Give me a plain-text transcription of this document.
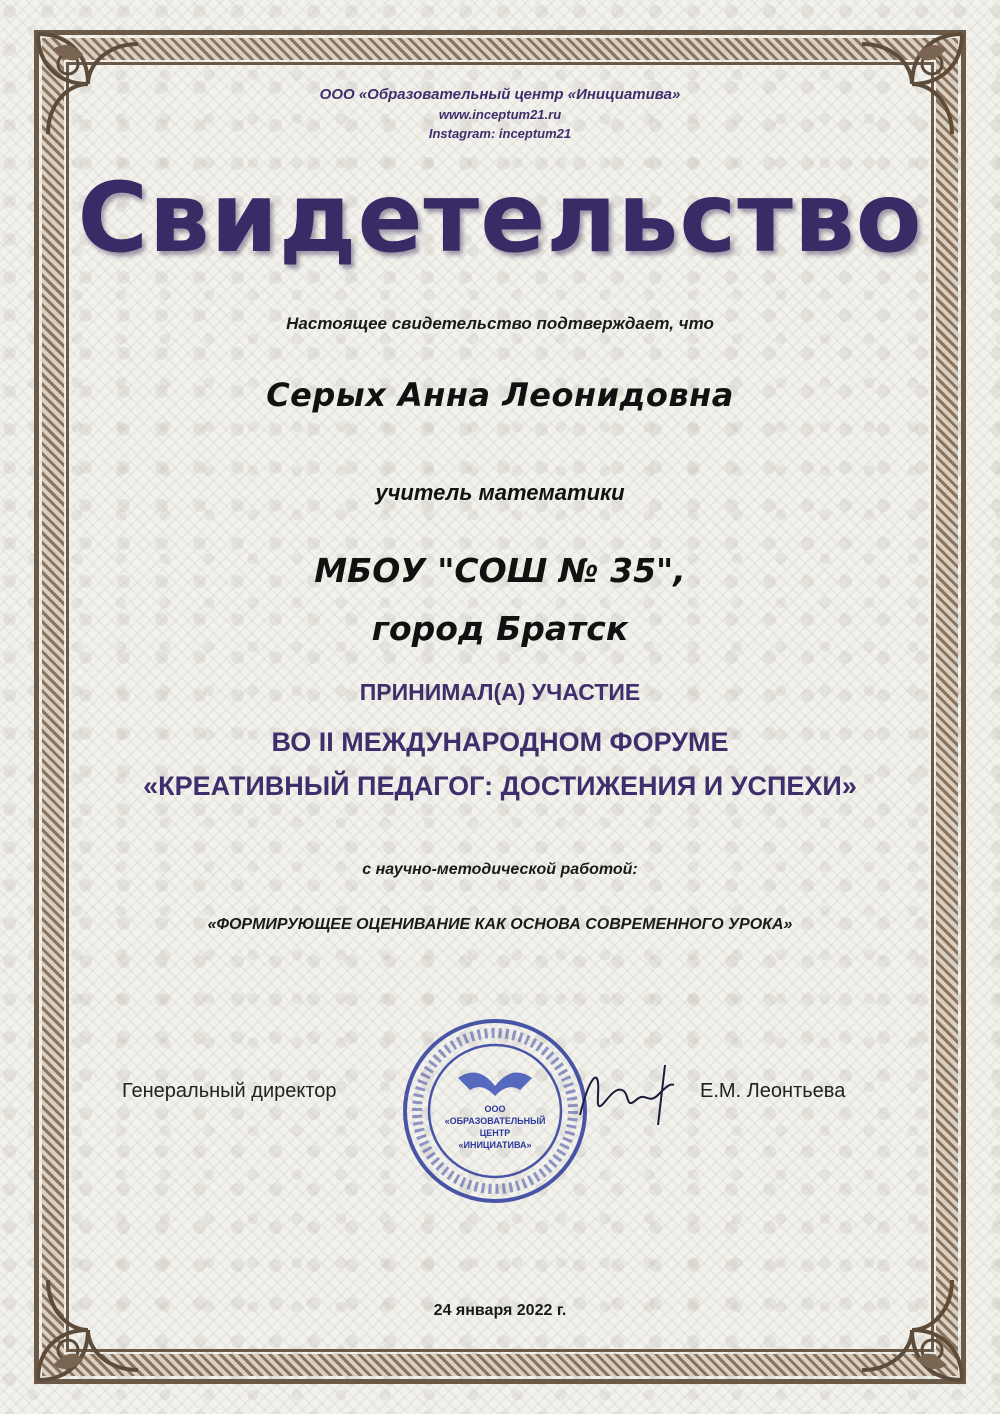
ООО «Образовательный центр «Инициатива»
www.inceptum21.ru
Instagram: inceptum21
Свидетельство
Настоящее свидетельство подтверждает, что
Серых Анна Леонидовна
учитель математики
МБОУ "СОШ № 35",
город Братск
ПРИНИМАЛ(А) УЧАСТИЕ
ВО II МЕЖДУНАРОДНОМ ФОРУМЕ
«КРЕАТИВНЫЙ ПЕДАГОГ: ДОСТИЖЕНИЯ И УСПЕХИ»
с научно-методической работой:
«ФОРМИРУЮЩЕЕ ОЦЕНИВАНИЕ КАК ОСНОВА СОВРЕМЕННОГО УРОКА»
Генеральный директор
ООО
«ОБРАЗОВАТЕЛЬНЫЙ
ЦЕНТР
«ИНИЦИАТИВА»
Е.М. Леонтьева
24 января 2022 г.
